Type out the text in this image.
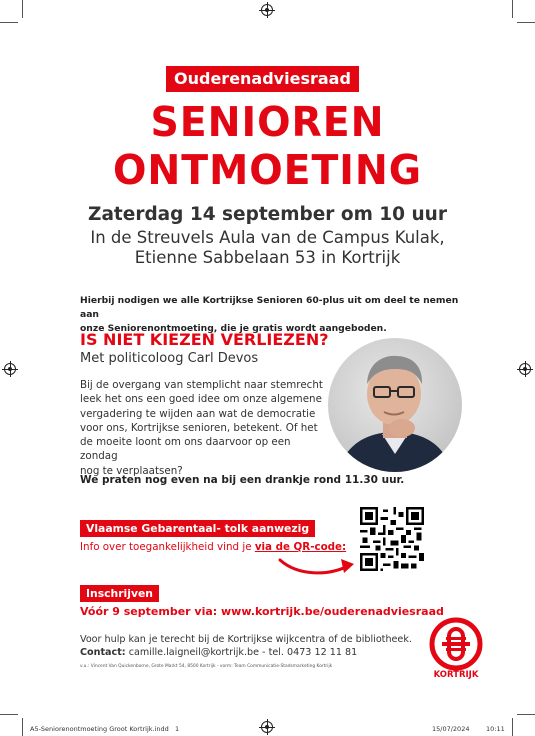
Ouderenadviesraad
SENIOREN
ONTMOETING
Zaterdag 14 september om 10 uur
In de Streuvels Aula van de Campus Kulak,
Etienne Sabbelaan 53 in Kortrijk

Hierbij nodigen we alle Kortrijkse Senioren 60-plus uit om deel te nemen aan

onze Seniorenontmoeting, die je gratis wordt aangeboden.

IS NIET KIEZEN VERLIEZEN?
Met politicoloog Carl Devos

Bij de overgang van stemplicht naar stemrecht

leek het ons een goed idee om onze algemene

vergadering te wijden aan wat de democratie

voor ons, Kortrijkse senioren, betekent. Of het

de moeite loont om ons daarvoor op een zondag

nog te verplaatsen?

We praten nog even na bij een drankje rond 11.30 uur.
Vlaamse Gebarentaal- tolk aanwezig
Info over toegankelijkheid vind je via de QR-code:
Inschrijven
Vóór 9 september via: www.kortrijk.be/ouderenadviesraad
Voor hulp kan je terecht bij de Kortrijkse wijkcentra of de bibliotheek.
Contact: camille.laigneil@kortrijk.be - tel. 0473 12 11 81
v.u.: Vincent Van Quickenborne, Grote Markt 54, 8500 Kortrijk - vorm: Team Communicatie-Stadsmarketing Kortrijk
KORTRIJK
A5-Seniorenontmoeting Groot Kortrijk.indd   1	15/07/2024	10:11
